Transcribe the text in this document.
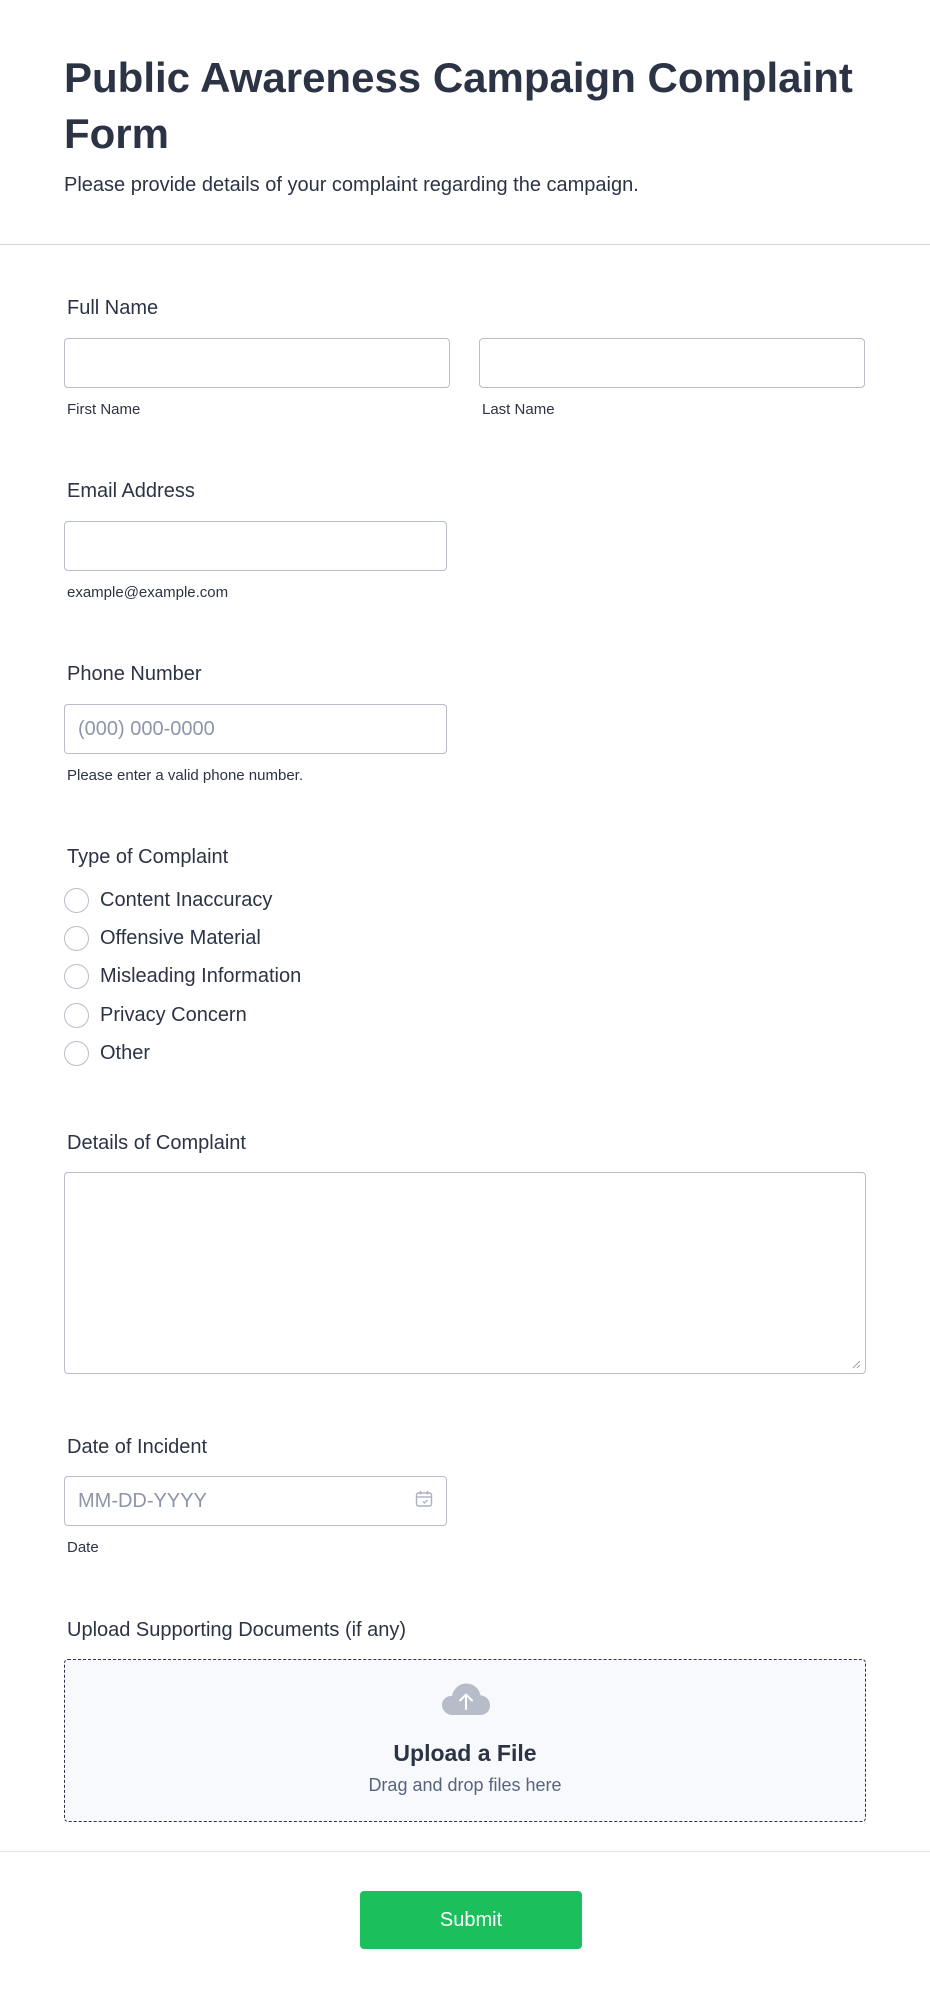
Public Awareness Campaign Complaint Form

Please provide details of your complaint regarding the campaign.

Full Name
First Name	Last Name
Email Address
example@example.com
Phone Number
(000) 000-0000
Please enter a valid phone number.
Type of Complaint
Content Inaccuracy
Offensive Material
Misleading Information
Privacy Concern
Other
Details of Complaint
Date of Incident
MM-DD-YYYY
Date
Upload Supporting Documents (if any)
Upload a File
Drag and drop files here
Submit
